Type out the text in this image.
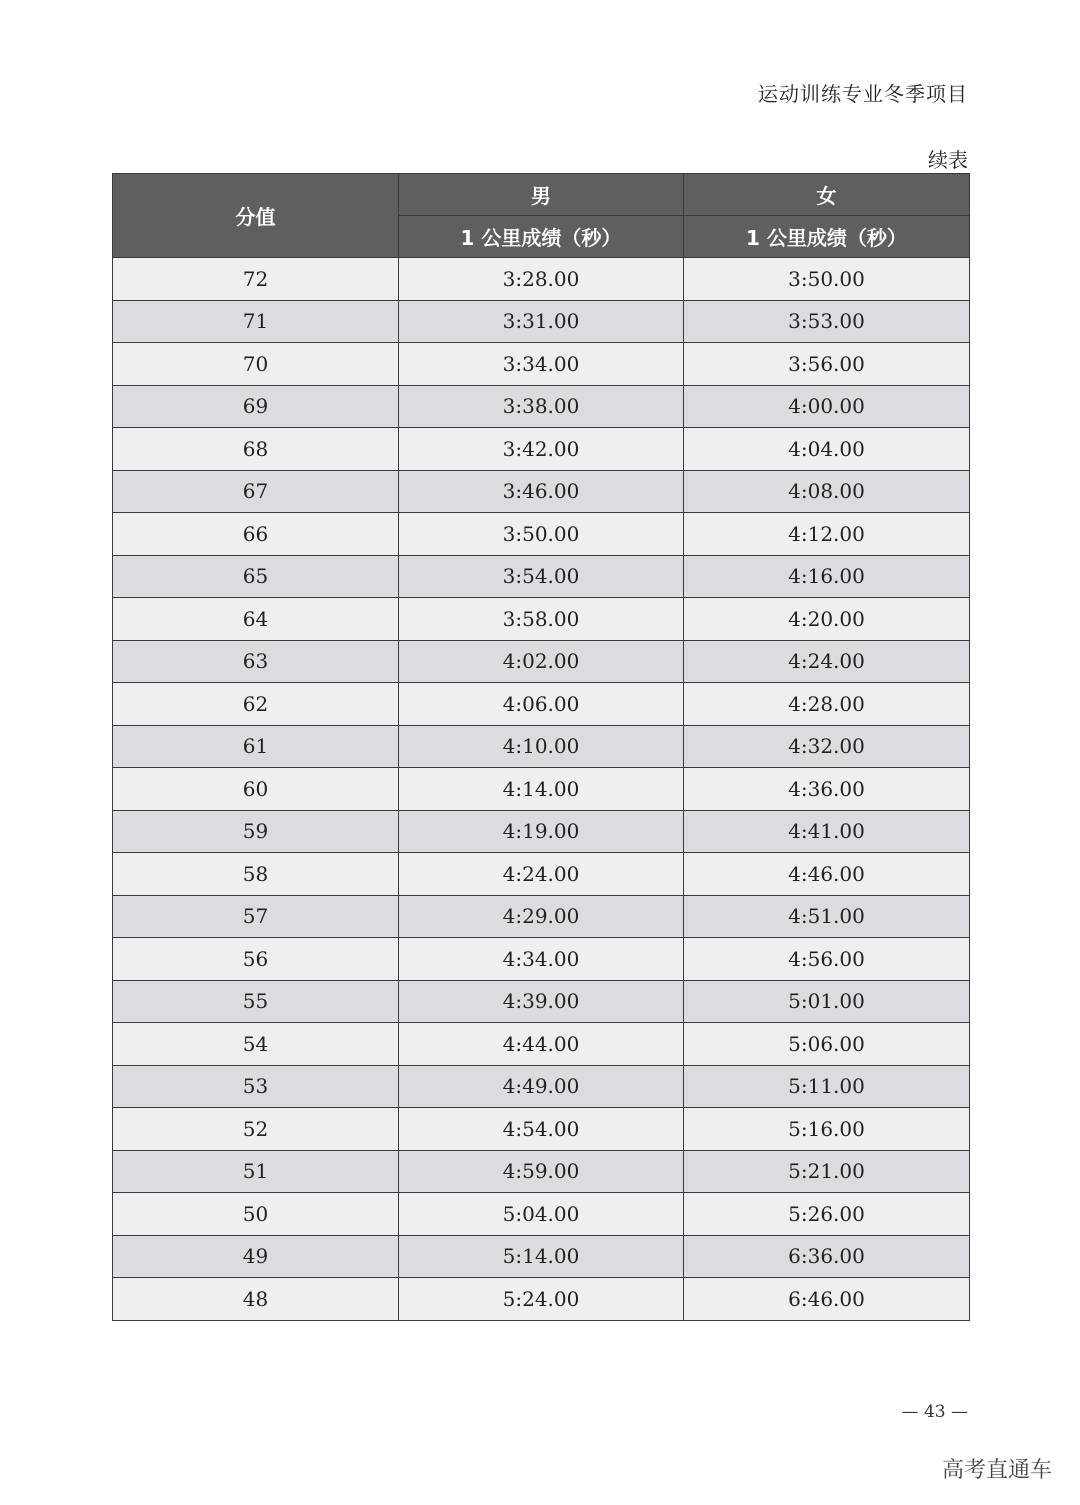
运动训练专业冬季项目
续表
分值	男	女
	1 公里成绩（秒）	1 公里成绩（秒）
72	3:28.00	3:50.00
71	3:31.00	3:53.00
70	3:34.00	3:56.00
69	3:38.00	4:00.00
68	3:42.00	4:04.00
67	3:46.00	4:08.00
66	3:50.00	4:12.00
65	3:54.00	4:16.00
64	3:58.00	4:20.00
63	4:02.00	4:24.00
62	4:06.00	4:28.00
61	4:10.00	4:32.00
60	4:14.00	4:36.00
59	4:19.00	4:41.00
58	4:24.00	4:46.00
57	4:29.00	4:51.00
56	4:34.00	4:56.00
55	4:39.00	5:01.00
54	4:44.00	5:06.00
53	4:49.00	5:11.00
52	4:54.00	5:16.00
51	4:59.00	5:21.00
50	5:04.00	5:26.00
49	5:14.00	6:36.00
48	5:24.00	6:46.00
— 43 —
高考直通车
